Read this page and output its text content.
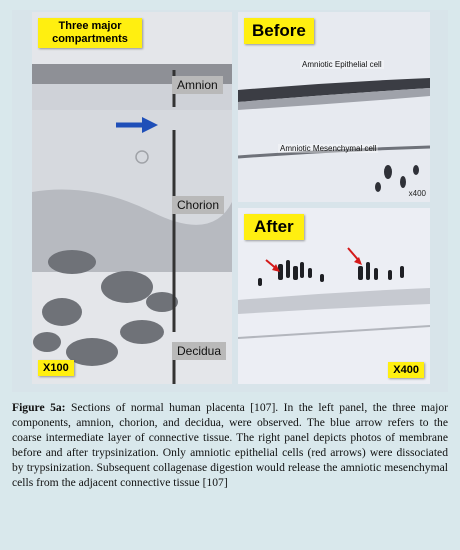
Three major compartments
Amnion
Chorion
Decidua
X100
Before
Amniotic Epithelial cell
Amniotic Mesenchymal cell
x400
After
X400
Figure 5a: Sections of normal human placenta [107]. In the left panel, the three major components, amnion, chorion, and decidua, were observed. The blue arrow refers to the coarse intermediate layer of connective tissue. The right panel depicts photos of membrane before and after trypsinization. Only amniotic epithelial cells (red arrows) were dissociated by trypsinization. Subsequent collagenase digestion would release the amniotic mesenchymal cells from the adjacent connective tissue [107]
